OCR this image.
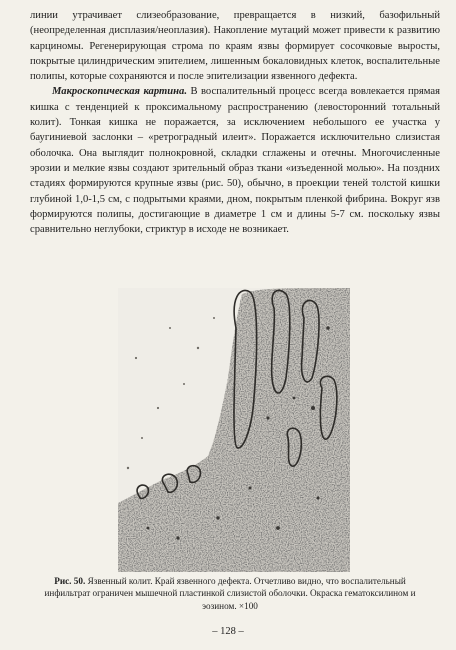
линии утрачивает слизеобразование, превращается в низкий, базофильный (неопределенная дисплазия/неоплазия). Накопление мутаций может привести к развитию карциномы. Регенерирующая строма по краям язвы формирует сосочковые выросты, покрытые цилиндрическим эпителием, лишенным бокаловидных клеток, воспалительные полипы, которые сохраняются и после эпителизации язвенного дефекта.

Макроскопическая картина. В воспалительный процесс всегда вовлекается прямая кишка с тенденцией к проксимальному распространению (левосторонний тотальный колит). Тонкая кишка не поражается, за исключением небольшого ее участка у баугиниевой заслонки – «ретроградный илеит». Поражается исключительно слизистая оболочка. Она выглядит полнокровной, складки сглажены и отечны. Многочисленные эрозии и мелкие язвы создают зрительный образ ткани «изъеденной молью». На поздних стадиях формируются крупные язвы (рис. 50), обычно, в проекции теней толстой кишки глубиной 1,0-1,5 см, с подрытыми краями, дном, покрытым пленкой фибрина. Вокруг язв формируются полипы, достигающие в диаметре 1 см и длины 5-7 см. поскольку язвы сравнительно неглубоки, стриктур в исходе не возникает.

Рис. 50. Язвенный колит. Край язвенного дефекта. Отчетливо видно, что воспалительный инфильтрат ограничен мышечной пластинкой слизистой оболочки. Окраска гематоксилином и эозином. ×100
– 128 –
